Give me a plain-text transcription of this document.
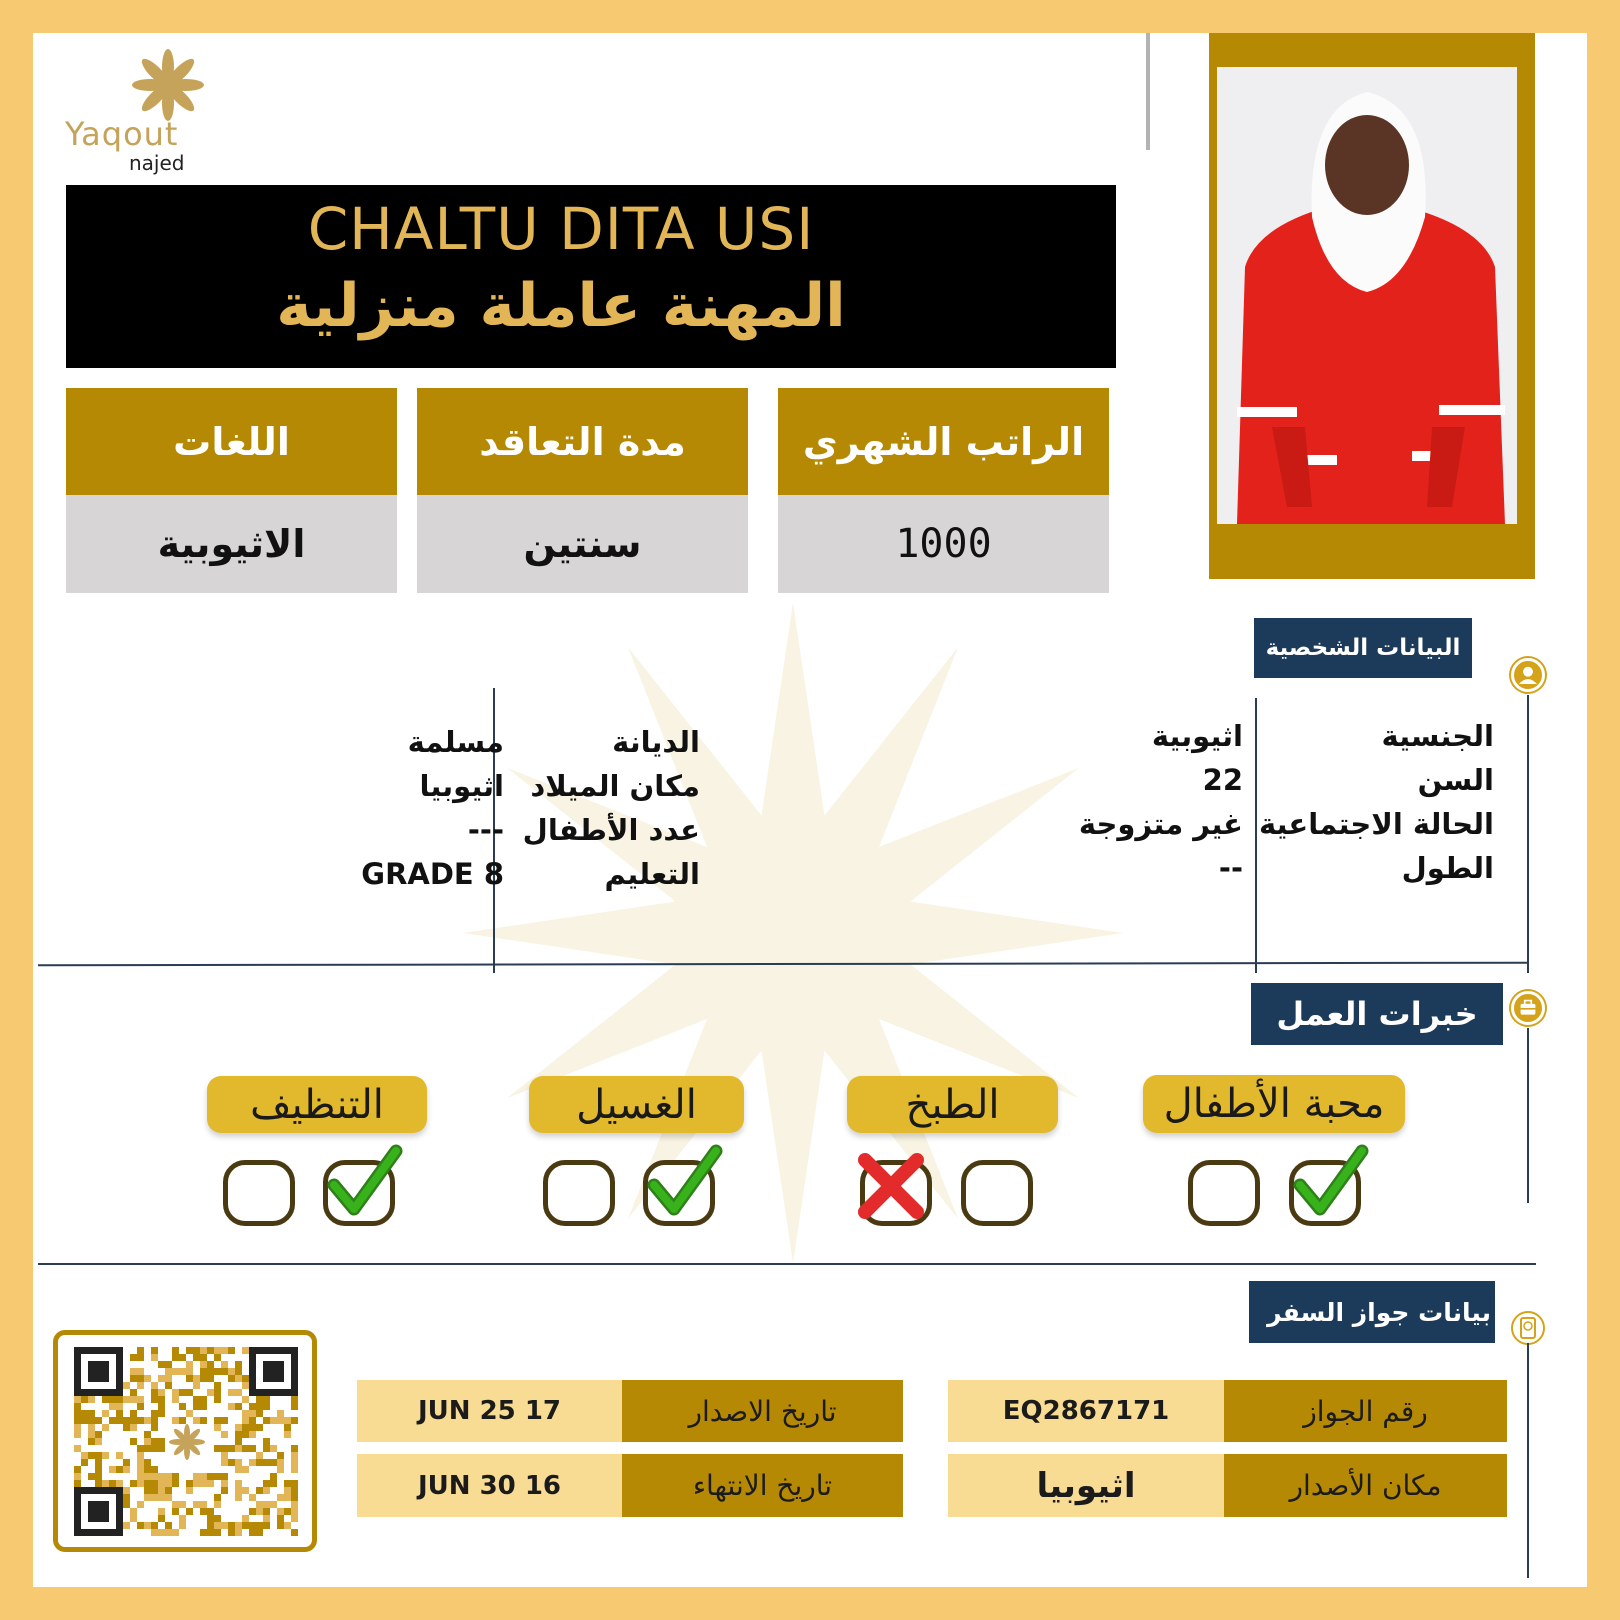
Yaqout
najed
CHALTU DITA USI
المهنة عاملة منزلية
الراتب الشهري
1000
مدة التعاقد
سنتين
اللغات
الاثيوبية
البيانات الشخصية
الجنسية
اثيوبية
السن
22
الحالة الاجتماعية
غير متزوجة
الطول
--
الديانة
مسلمة
مكان الميلاد
اثيوبيا
عدد الأطفال
---
التعليم
GRADE 8
خبرات العمل
محبة الأطفال
الطبخ
الغسيل
التنظيف
بيانات جواز السفر
رقم الجواز
EQ2867171
مكان الأصدار
اثيوبيا
تاريخ الاصدار
17 JUN 25
تاريخ الانتهاء
16 JUN 30
